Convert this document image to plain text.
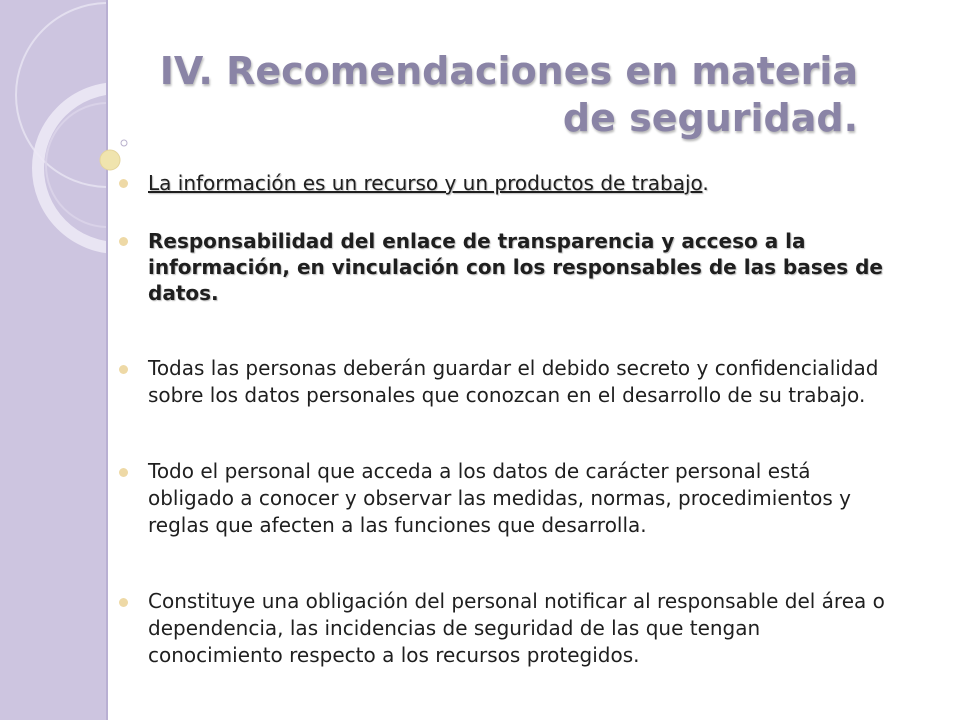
IV. Recomendaciones en materia
de seguridad.
La información es un recurso y un productos de trabajo.
Responsabilidad del enlace de transparencia y acceso a la información, en vinculación con los responsables de las bases de datos.
Todas las personas deberán guardar el debido secreto y confidencialidad sobre los datos personales que conozcan en el desarrollo de su trabajo.
Todo el personal que acceda a los datos de carácter personal está obligado a conocer y observar las medidas, normas, procedimientos y reglas que afecten a las funciones que desarrolla.
Constituye una obligación del personal notificar al responsable del área o dependencia, las incidencias de seguridad de las que tengan conocimiento respecto a los recursos protegidos.
